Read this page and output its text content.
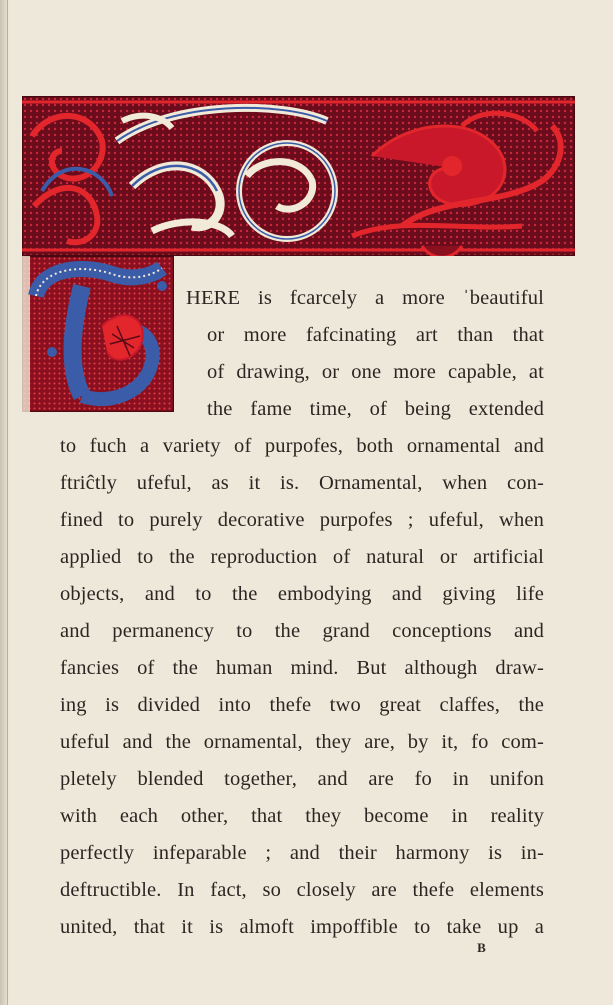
HERE is fcarcely a more ˈbeautiful
or more fafcinating art than that
of drawing, or one more capable, at
the fame time, of being extended
to fuch a variety of purpofes, both ornamental and
ftriĉtly ufeful, as it is. Ornamental, when con-
fined to purely decorative purpofes ; ufeful, when
applied to the reproduction of natural or artificial
objects, and to the embodying and giving life
and permanency to the grand conceptions and
fancies of the human mind. But although draw-
ing is divided into thefe two great claffes, the
ufeful and the ornamental, they are, by it, fo com-
pletely blended together, and are fo in unifon
with each other, that they become in reality
perfectly infeparable ; and their harmony is in-
deftructible. In fact, so closely are thefe elements
united, that it is almoft impoffible to take up a
B
